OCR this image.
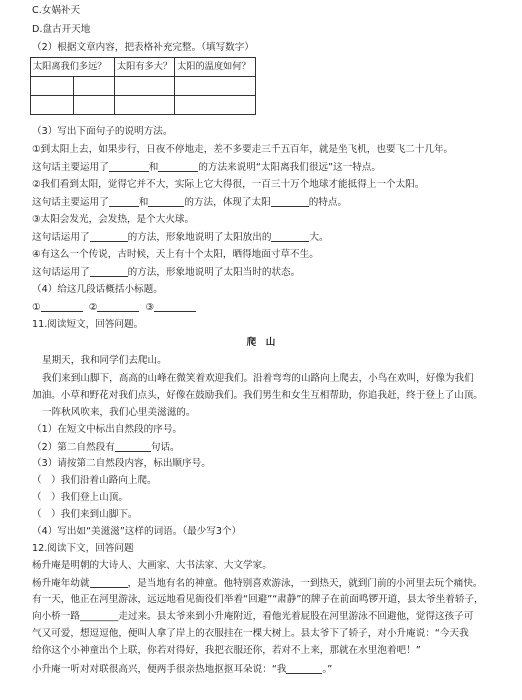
C.女娲补天
D.盘古开天地
（2）根据文章内容，把表格补充完整。（填写数字）
太阳离我们多远？		太阳有多大？	太阳的温度如何？

（3）写出下面句子的说明方法。
①到太阳上去，如果步行，日夜不停地走，差不多要走三千五百年，就是坐飞机，也要飞二十几年。
这句话主要运用了	和	的方法来说明“太阳离我们很远”这一特点。
②我们看到太阳，觉得它并不大，实际上它大得很，一百三十万个地球才能抵得上一个太阳。
这句话主要运用了	和	的方法，体现了太阳	的特点。
③太阳会发光，会发热，是个大火球。
这句话运用了	的方法，形象地说明了太阳放出的	大。
④有这么一个传说，古时候，天上有十个太阳，晒得地面寸草不生。
这句话运用了	的方法，形象地说明了太阳当时的状态。
（4）给这几段话概括小标题。
①	②	③
11.阅读短文，回答问题。
爬　山
星期天，我和同学们去爬山。
我们来到山脚下，高高的山峰在微笑着欢迎我们。沿着弯弯的山路向上爬去，小鸟在欢叫，好像为我们
加油。小草和野花对我们点头，好像在鼓励我们。我们男生和女生互相帮助，你追我赶，终于登上了山顶。
一阵秋风吹来，我们心里美滋滋的。
（1）在短文中标出自然段的序号。
（2）第二自然段有	句话。
（3）请按第二自然段内容，标出顺序号。
（　）我们沿着山路向上爬。
（　）我们登上山顶。
（　）我们来到山脚下。
（4）写出如“美滋滋”这样的词语。（最少写3个）
12.阅读下文，回答问题
杨升庵是明朝的大诗人、大画家、大书法家、大文学家。
杨升庵年幼就	，是当地有名的神童。他特别喜欢游泳，一到热天，就到门前的小河里去玩个痛快。
有一天，他正在河里游泳，远远地看见衙役们举着“回避”“肃静”的牌子在前面鸣锣开道，县太爷坐着轿子，
向小桥一路________走过来。县太爷来到小升庵附近，看他光着屁股在河里游泳不回避他，觉得这孩子可
气又可爱，想逗逗他，便叫人拿了岸上的衣服挂在一棵大树上。县太爷下了轿子，对小升庵说：“今天我
给你这个小神童出个上联，你若对得好，我把衣服还你，若对不上来，那就在水里泡着吧！”
小升庵一听对对联很高兴，便两手很亲热地抠抠耳朵说：“我	。”
